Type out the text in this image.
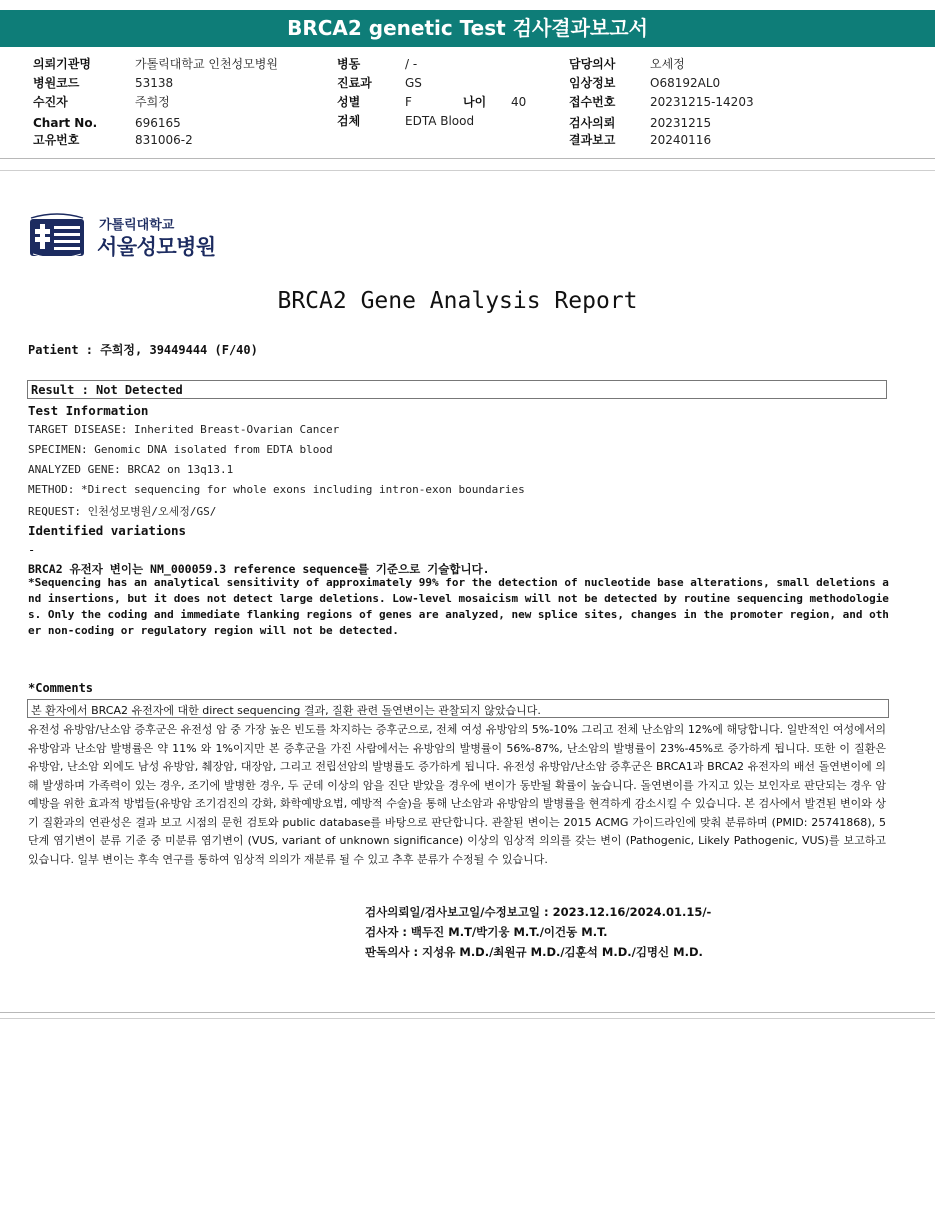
BRCA2 genetic Test 검사결과보고서
의뢰기관명	가톨릭대학교 인천성모병원
병원코드	53138
수진자	주희정
Chart No.	696165
고유번호	831006-2
병동	/ -
진료과	GS
성별	F	나이 40
검체	EDTA Blood
담당의사	오세정
임상정보	O68192AL0
접수번호	20231215-14203
검사의뢰	20231215
결과보고	20240116
가톨릭대학교
서울성모병원
BRCA2 Gene Analysis Report
Patient : 주희정, 39449444 (F/40)
Result : Not Detected
Test Information
TARGET DISEASE: Inherited Breast-Ovarian Cancer
SPECIMEN: Genomic DNA isolated from EDTA blood
ANALYZED GENE: BRCA2 on 13q13.1
METHOD: *Direct sequencing for whole exons including intron-exon boundaries
REQUEST: 인천성모병원/오세정/GS/
Identified variations
-
BRCA2 유전자 변이는 NM_000059.3 reference sequence를 기준으로 기술합니다.
*Sequencing has an analytical sensitivity of approximately 99% for the detection of nucleotide base alterations, small deletions and insertions, but it does not detect large deletions. Low-level mosaicism will not be detected by routine sequencing methodologies. Only the coding and immediate flanking regions of genes are analyzed, new splice sites, changes in the promoter region, and other non-coding or regulatory region will not be detected.
*Comments
본 환자에서 BRCA2 유전자에 대한 direct sequencing 결과, 질환 관련 돌연변이는 관찰되지 않았습니다.
유전성 유방암/난소암 증후군은 유전성 암 중 가장 높은 빈도를 차지하는 증후군으로, 전체 여성 유방암의 5%-10% 그리고 전체 난소암의 12%에 해당합니다. 일반적인 여성에서의 유방암과 난소암 발병률은 약 11% 와 1%이지만 본 증후군을 가진 사람에서는 유방암의 발병률이 56%-87%, 난소암의 발병률이 23%-45%로 증가하게 됩니다. 또한 이 질환은 유방암, 난소암 외에도 남성 유방암, 췌장암, 대장암, 그리고 전립선암의 발병률도 증가하게 됩니다. 유전성 유방암/난소암 증후군은 BRCA1과 BRCA2 유전자의 배선 돌연변이에 의해 발생하며 가족력이 있는 경우, 조기에 발병한 경우, 두 군데 이상의 암을 진단 받았을 경우에 변이가 동반될 확률이 높습니다. 돌연변이를 가지고 있는 보인자로 판단되는 경우 암 예방을 위한 효과적 방법들(유방암 조기검진의 강화, 화학예방요법, 예방적 수술)을 통해 난소암과 유방암의 발병률을 현격하게 감소시킬 수 있습니다. 본 검사에서 발견된 변이와 상기 질환과의 연관성은 결과 보고 시점의 문헌 검토와 public database를 바탕으로 판단합니다. 관찰된 변이는 2015 ACMG 가이드라인에 맞춰 분류하며 (PMID: 25741868), 5단계 염기변이 분류 기준 중 미분류 염기변이 (VUS, variant of unknown significance) 이상의 임상적 의의를 갖는 변이 (Pathogenic, Likely Pathogenic, VUS)를 보고하고 있습니다. 일부 변이는 후속 연구를 통하여 임상적 의의가 재분류 될 수 있고 추후 분류가 수정될 수 있습니다.
검사의뢰일/검사보고일/수정보고일 : 2023.12.16/2024.01.15/-
검사자 : 백두진 M.T/박기웅 M.T./이건동 M.T.
판독의사 : 지성유 M.D./최원규 M.D./김훈석 M.D./김명신 M.D.
